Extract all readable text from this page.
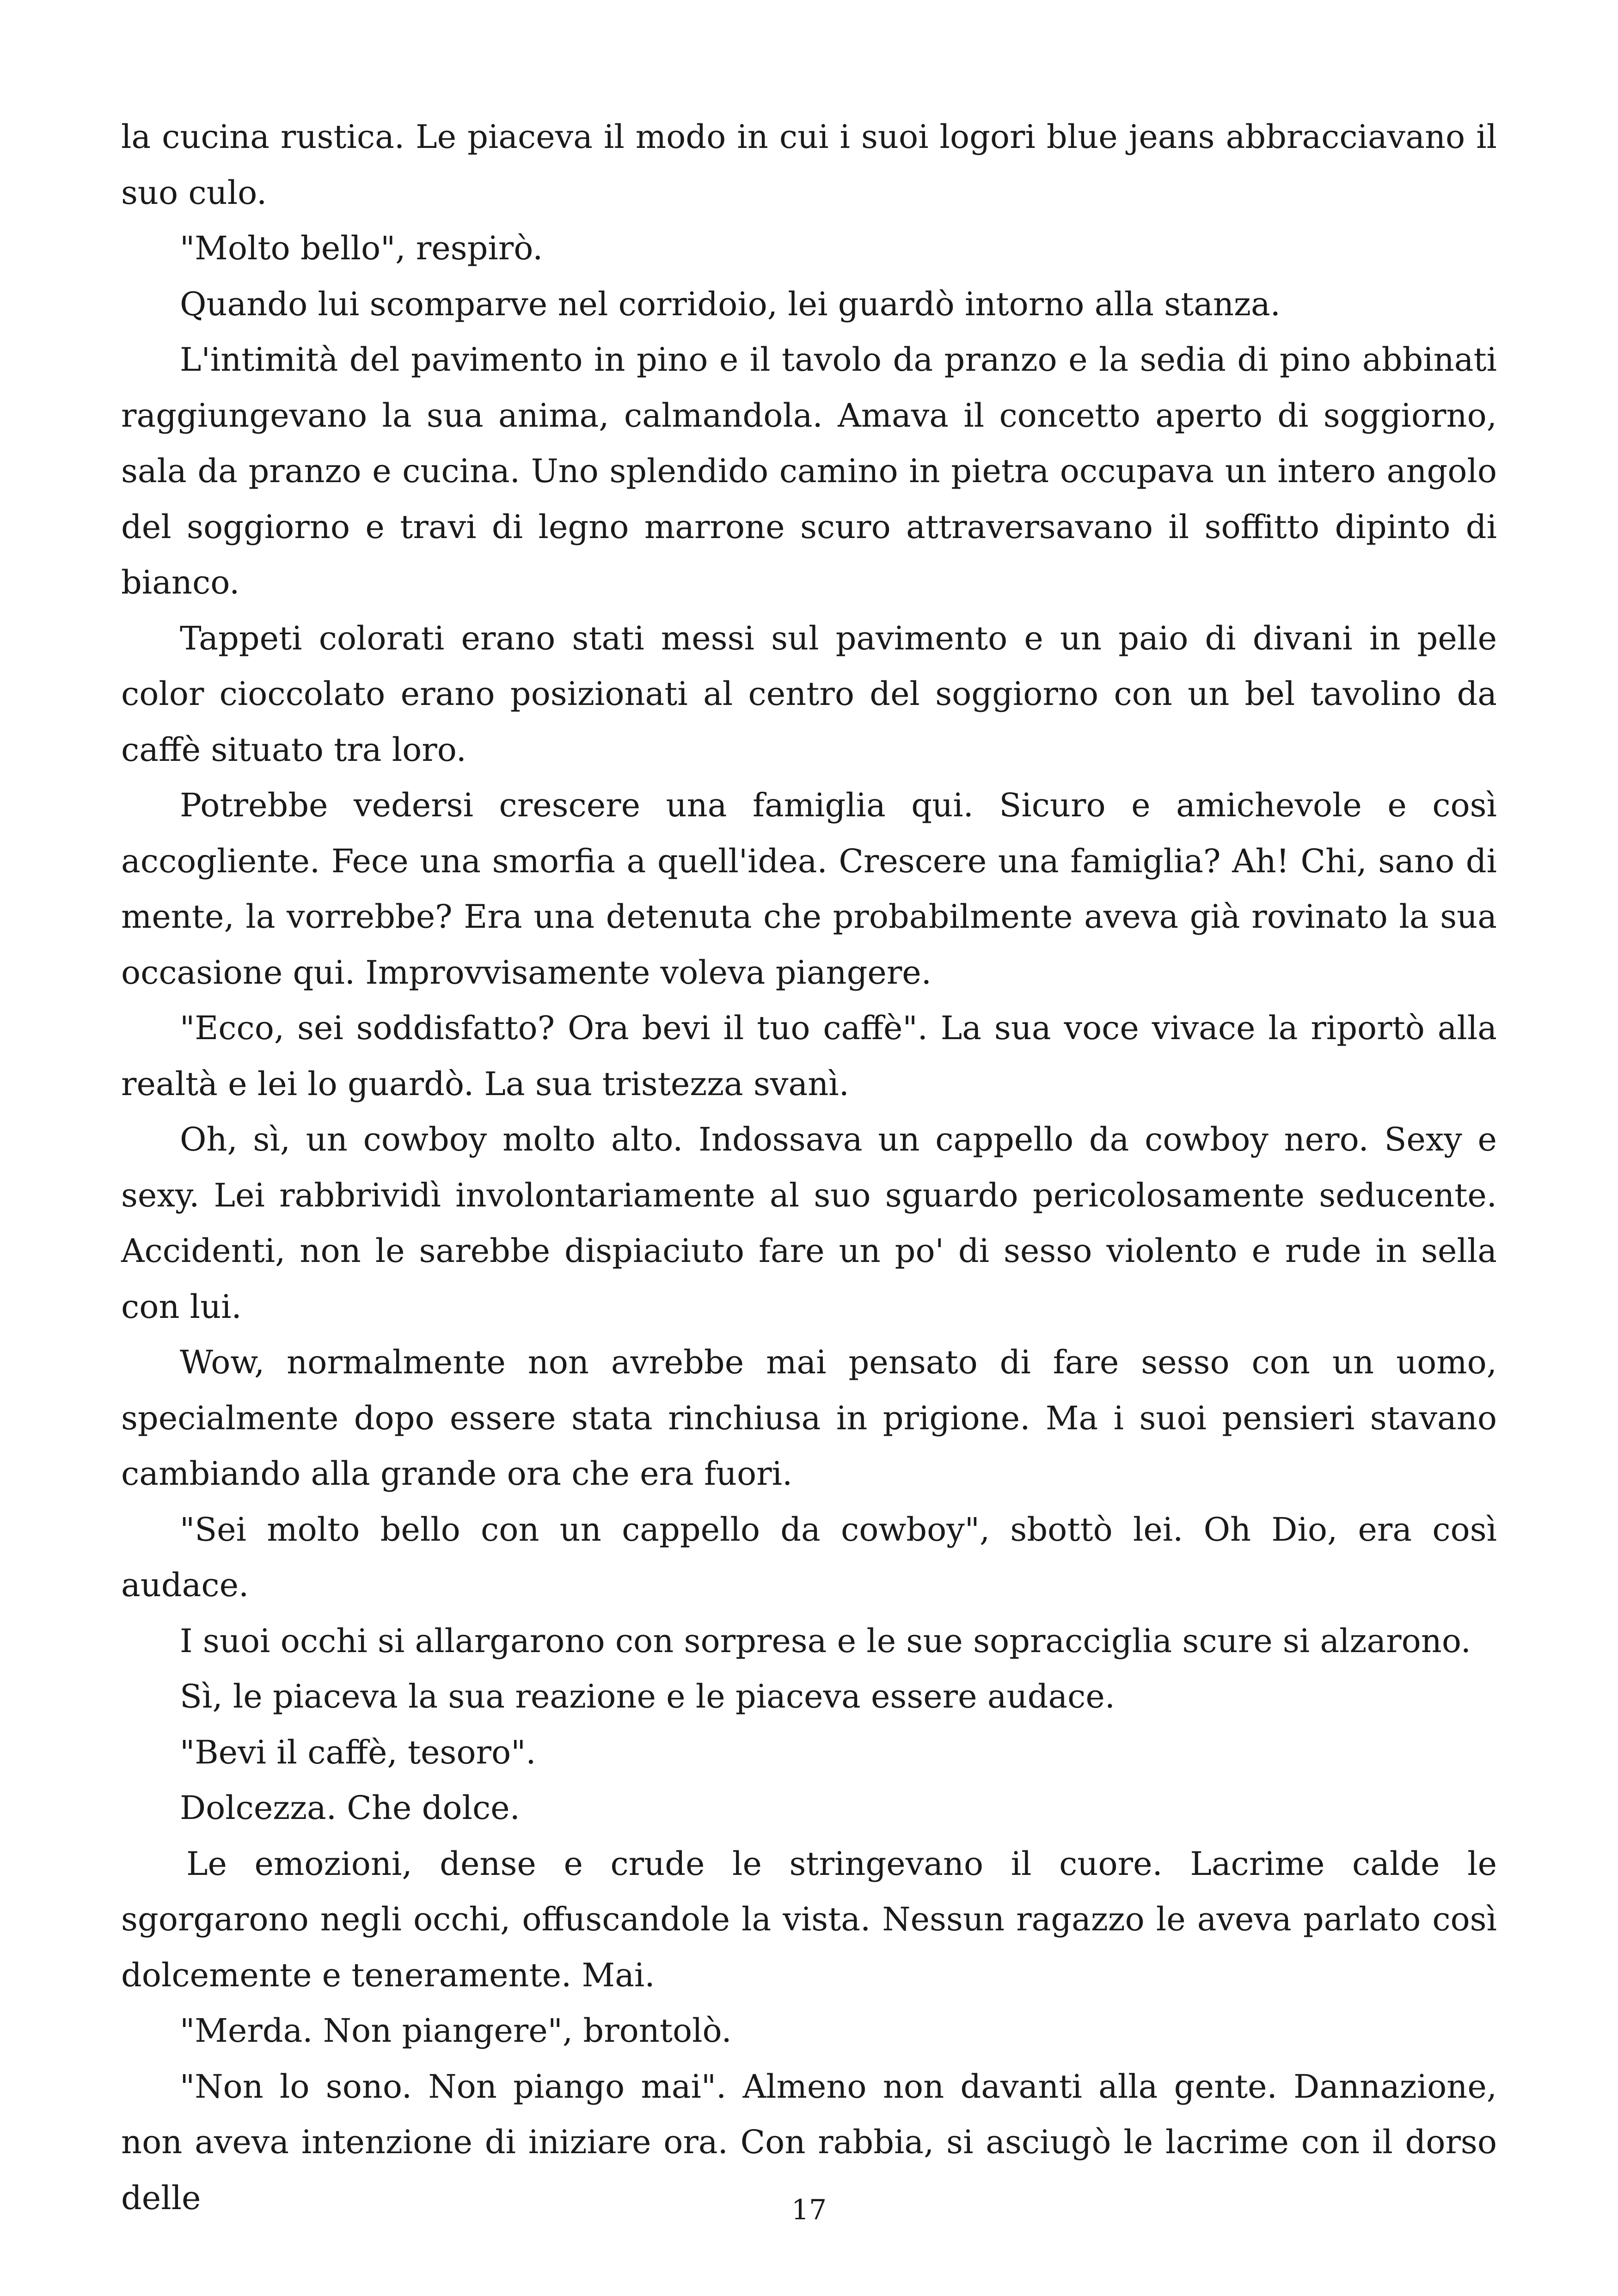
la cucina rustica. Le piaceva il modo in cui i suoi logori blue jeans abbracciavano il suo culo.

"Molto bello", respirò.

Quando lui scomparve nel corridoio, lei guardò intorno alla stanza.

L'intimità del pavimento in pino e il tavolo da pranzo e la sedia di pino abbinati raggiungevano la sua anima, calmandola. Amava il concetto aperto di soggiorno, sala da pranzo e cucina. Uno splendido camino in pietra occupava un intero angolo del soggiorno e travi di legno marrone scuro attraversavano il soffitto dipinto di bianco.

Tappeti colorati erano stati messi sul pavimento e un paio di divani in pelle color cioccolato erano posizionati al centro del soggiorno con un bel tavolino da caffè situato tra loro.

Potrebbe vedersi crescere una famiglia qui. Sicuro e amichevole e così accogliente. Fece una smorfia a quell'idea. Crescere una famiglia? Ah! Chi, sano di mente, la vorrebbe? Era una detenuta che probabilmente aveva già rovinato la sua occasione qui. Improvvisamente voleva piangere.

"Ecco, sei soddisfatto? Ora bevi il tuo caffè". La sua voce vivace la riportò alla realtà e lei lo guardò. La sua tristezza svanì.

Oh, sì, un cowboy molto alto. Indossava un cappello da cowboy nero. Sexy e sexy. Lei rabbrividì involontariamente al suo sguardo pericolosamente seducente. Accidenti, non le sarebbe dispiaciuto fare un po' di sesso violento e rude in sella con lui.

Wow, normalmente non avrebbe mai pensato di fare sesso con un uomo, specialmente dopo essere stata rinchiusa in prigione. Ma i suoi pensieri stavano cambiando alla grande ora che era fuori.

"Sei molto bello con un cappello da cowboy", sbottò lei. Oh Dio, era così audace.

I suoi occhi si allargarono con sorpresa e le sue sopracciglia scure si alzarono.

Sì, le piaceva la sua reazione e le piaceva essere audace.

"Bevi il caffè, tesoro".

Dolcezza. Che dolce.

Le emozioni, dense e crude le stringevano il cuore. Lacrime calde le sgorgarono negli occhi, offuscandole la vista. Nessun ragazzo le aveva parlato così dolcemente e teneramente. Mai.

"Merda. Non piangere", brontolò.

"Non lo sono. Non piango mai". Almeno non davanti alla gente. Dannazione, non aveva intenzione di iniziare ora. Con rabbia, si asciugò le lacrime con il dorso delle	17
